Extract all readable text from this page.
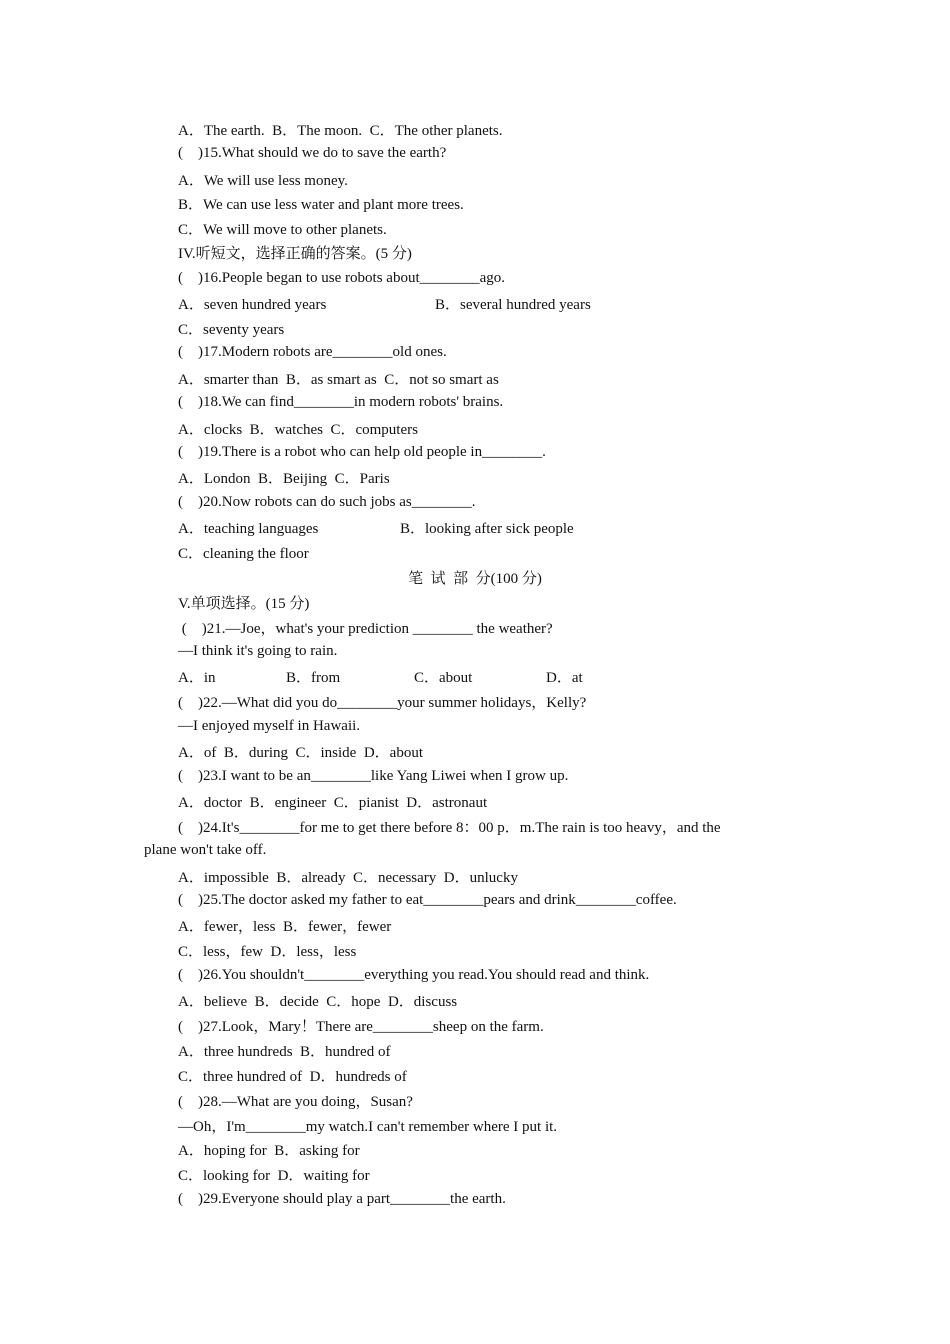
A．The earth.  B．The moon.  C．The other planets.
(    )15.What should we do to save the earth?
A．We will use less money.
B．We can use less water and plant more trees.
C．We will move to other planets.
IV.听短文，选择正确的答案。(5 分)
(    )16.People began to use robots about________ago.
A．seven hundred years	B．several hundred years
C．seventy years
(    )17.Modern robots are________old ones.
A．smarter than  B．as smart as  C．not so smart as
(    )18.We can find________in modern robots' brains.
A．clocks  B．watches  C．computers
(    )19.There is a robot who can help old people in________.
A．London  B．Beijing  C．Paris
(    )20.Now robots can do such jobs as________.
A．teaching languages	B．looking after sick people
C．cleaning the floor
笔  试  部  分(100 分)
V.单项选择。(15 分)
(    )21.—Joe，what's your prediction ________ the weather?
—I think it's going to rain.
A．in	B．from	C．about	D．at
(    )22.—What did you do________your summer holidays，Kelly?
—I enjoyed myself in Hawaii.
A．of  B．during  C．inside  D．about
(    )23.I want to be an________like Yang Liwei when I grow up.
A．doctor  B．engineer  C．pianist  D．astronaut
(    )24.It's________for me to get there before 8：00 p．m.The rain is too heavy，and the
plane won't take off.
A．impossible  B．already  C．necessary  D．unlucky
(    )25.The doctor asked my father to eat________pears and drink________coffee.
A．fewer，less  B．fewer，fewer
C．less，few  D．less，less
(    )26.You shouldn't________everything you read.You should read and think.
A．believe  B．decide  C．hope  D．discuss
(    )27.Look，Mary！There are________sheep on the farm.
A．three hundreds  B．hundred of
C．three hundred of  D．hundreds of
(    )28.—What are you doing，Susan?
—Oh，I'm________my watch.I can't remember where I put it.
A．hoping for  B．asking for
C．looking for  D．waiting for
(    )29.Everyone should play a part________the earth.
